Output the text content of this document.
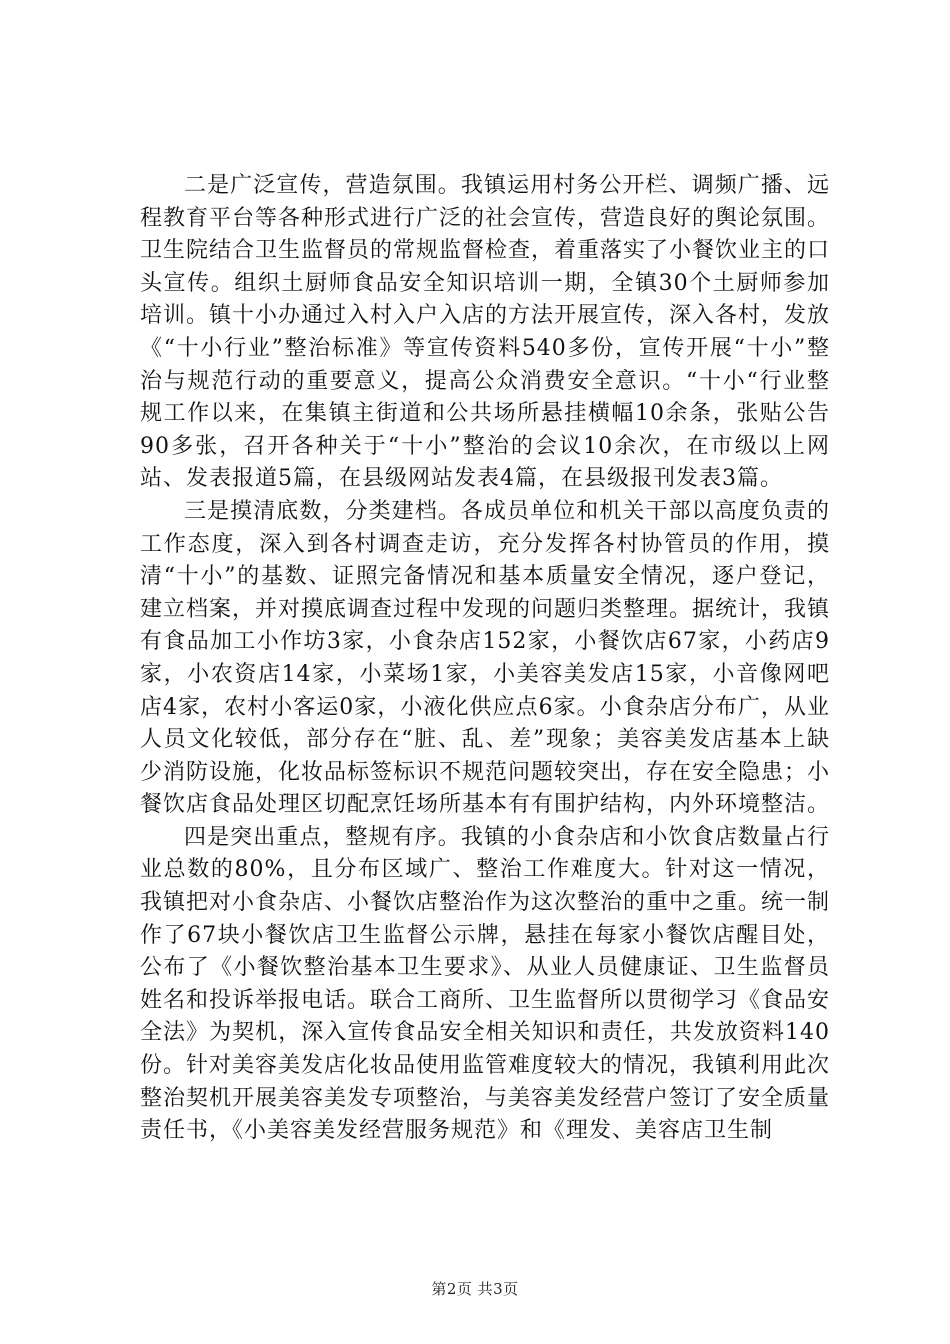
二是广泛宣传，营造氛围。我镇运用村务公开栏、调频广播、远程教育平台等各种形式进行广泛的社会宣传，营造良好的舆论氛围。卫生院结合卫生监督员的常规监督检查，着重落实了小餐饮业主的口头宣传。组织土厨师食品安全知识培训一期，全镇30个土厨师参加培训。镇十小办通过入村入户入店的方法开展宣传，深入各村，发放《“十小行业”整治标准》等宣传资料540多份，宣传开展“十小”整治与规范行动的重要意义，提高公众消费安全意识。“十小“行业整规工作以来，在集镇主街道和公共场所悬挂横幅10余条，张贴公告90多张，召开各种关于“十小”整治的会议10余次，在市级以上网站、发表报道5篇，在县级网站发表4篇，在县级报刊发表3篇。

三是摸清底数，分类建档。各成员单位和机关干部以高度负责的工作态度，深入到各村调查走访，充分发挥各村协管员的作用，摸清“十小”的基数、证照完备情况和基本质量安全情况，逐户登记，建立档案，并对摸底调查过程中发现的问题归类整理。据统计，我镇有食品加工小作坊3家，小食杂店152家，小餐饮店67家，小药店9家，小农资店14家，小菜场1家，小美容美发店15家，小音像网吧店4家，农村小客运0家，小液化供应点6家。小食杂店分布广，从业人员文化较低，部分存在“脏、乱、差”现象；美容美发店基本上缺少消防设施，化妆品标签标识不规范问题较突出，存在安全隐患；小餐饮店食品处理区切配烹饪场所基本有有围护结构，内外环境整洁。

四是突出重点，整规有序。我镇的小食杂店和小饮食店数量占行业总数的80%，且分布区域广、整治工作难度大。针对这一情况，我镇把对小食杂店、小餐饮店整治作为这次整治的重中之重。统一制作了67块小餐饮店卫生监督公示牌，悬挂在每家小餐饮店醒目处，公布了《小餐饮整治基本卫生要求》、从业人员健康证、卫生监督员姓名和投诉举报电话。联合工商所、卫生监督所以贯彻学习《食品安全法》为契机，深入宣传食品安全相关知识和责任，共发放资料140份。针对美容美发店化妆品使用监管难度较大的情况，我镇利用此次整治契机开展美容美发专项整治，与美容美发经营户签订了安全质量责任书，《小美容美发经营服务规范》和《理发、美容店卫生制

第2页 共3页
